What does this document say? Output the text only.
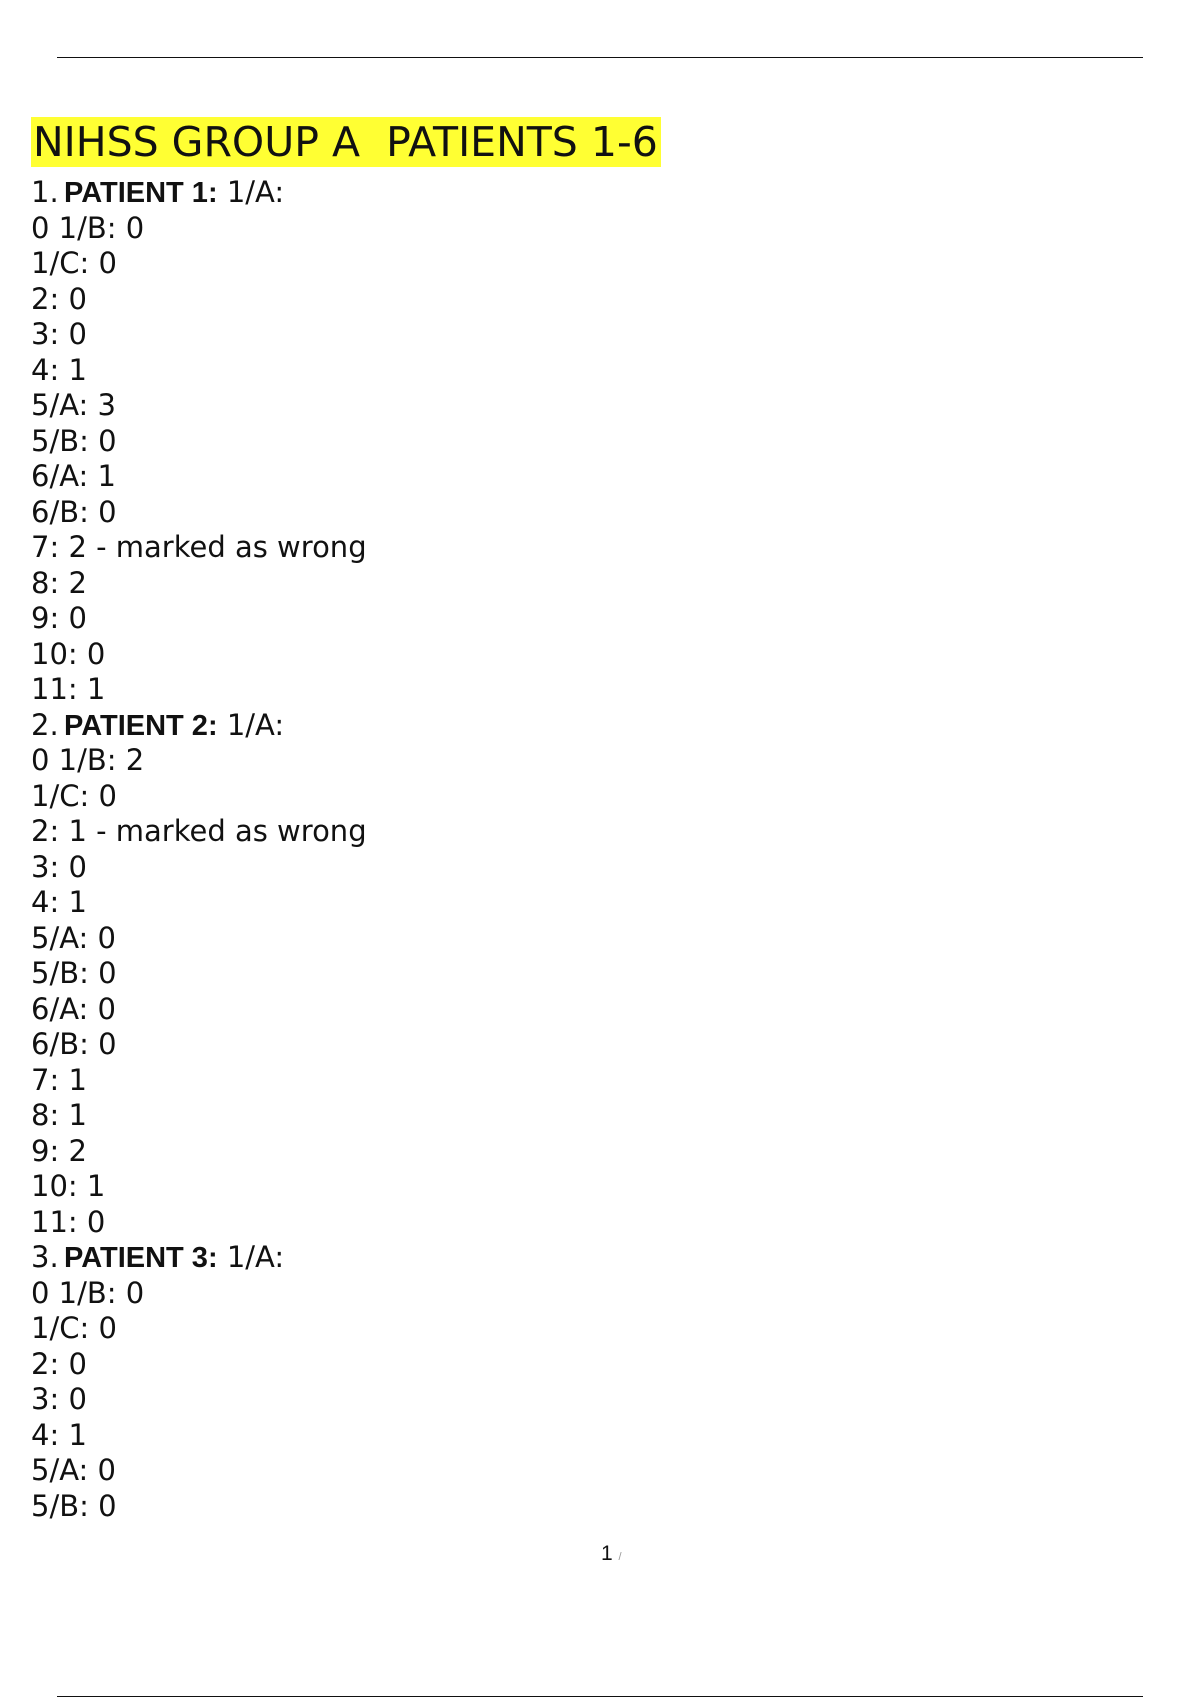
NIHSS GROUP A  PATIENTS 1-6
1. PATIENT 1: 1/A:
0 1/B: 0
1/C: 0
2: 0
3: 0
4: 1
5/A: 3
5/B: 0
6/A: 1
6/B: 0
7: 2 - marked as wrong
8: 2
9: 0
10: 0
11: 1
2. PATIENT 2: 1/A:
0 1/B: 2
1/C: 0
2: 1 - marked as wrong
3: 0
4: 1
5/A: 0
5/B: 0
6/A: 0
6/B: 0
7: 1
8: 1
9: 2
10: 1
11: 0
3. PATIENT 3: 1/A:
0 1/B: 0
1/C: 0
2: 0
3: 0
4: 1
5/A: 0
5/B: 0
1 /
